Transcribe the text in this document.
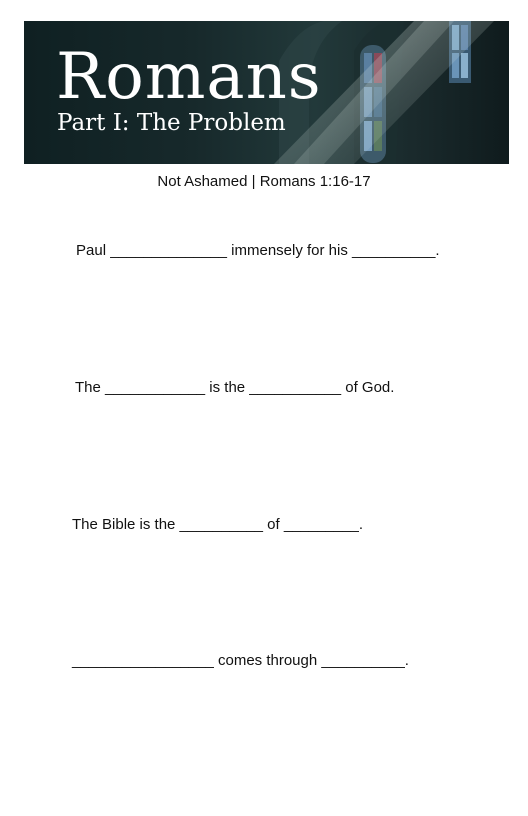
Romans
Part I: The Problem
Not Ashamed | Romans 1:16-17
Paul ______________ immensely for his __________.
The ____________ is the ___________ of God.
The Bible is the __________ of _________.
_________________ comes through __________.
